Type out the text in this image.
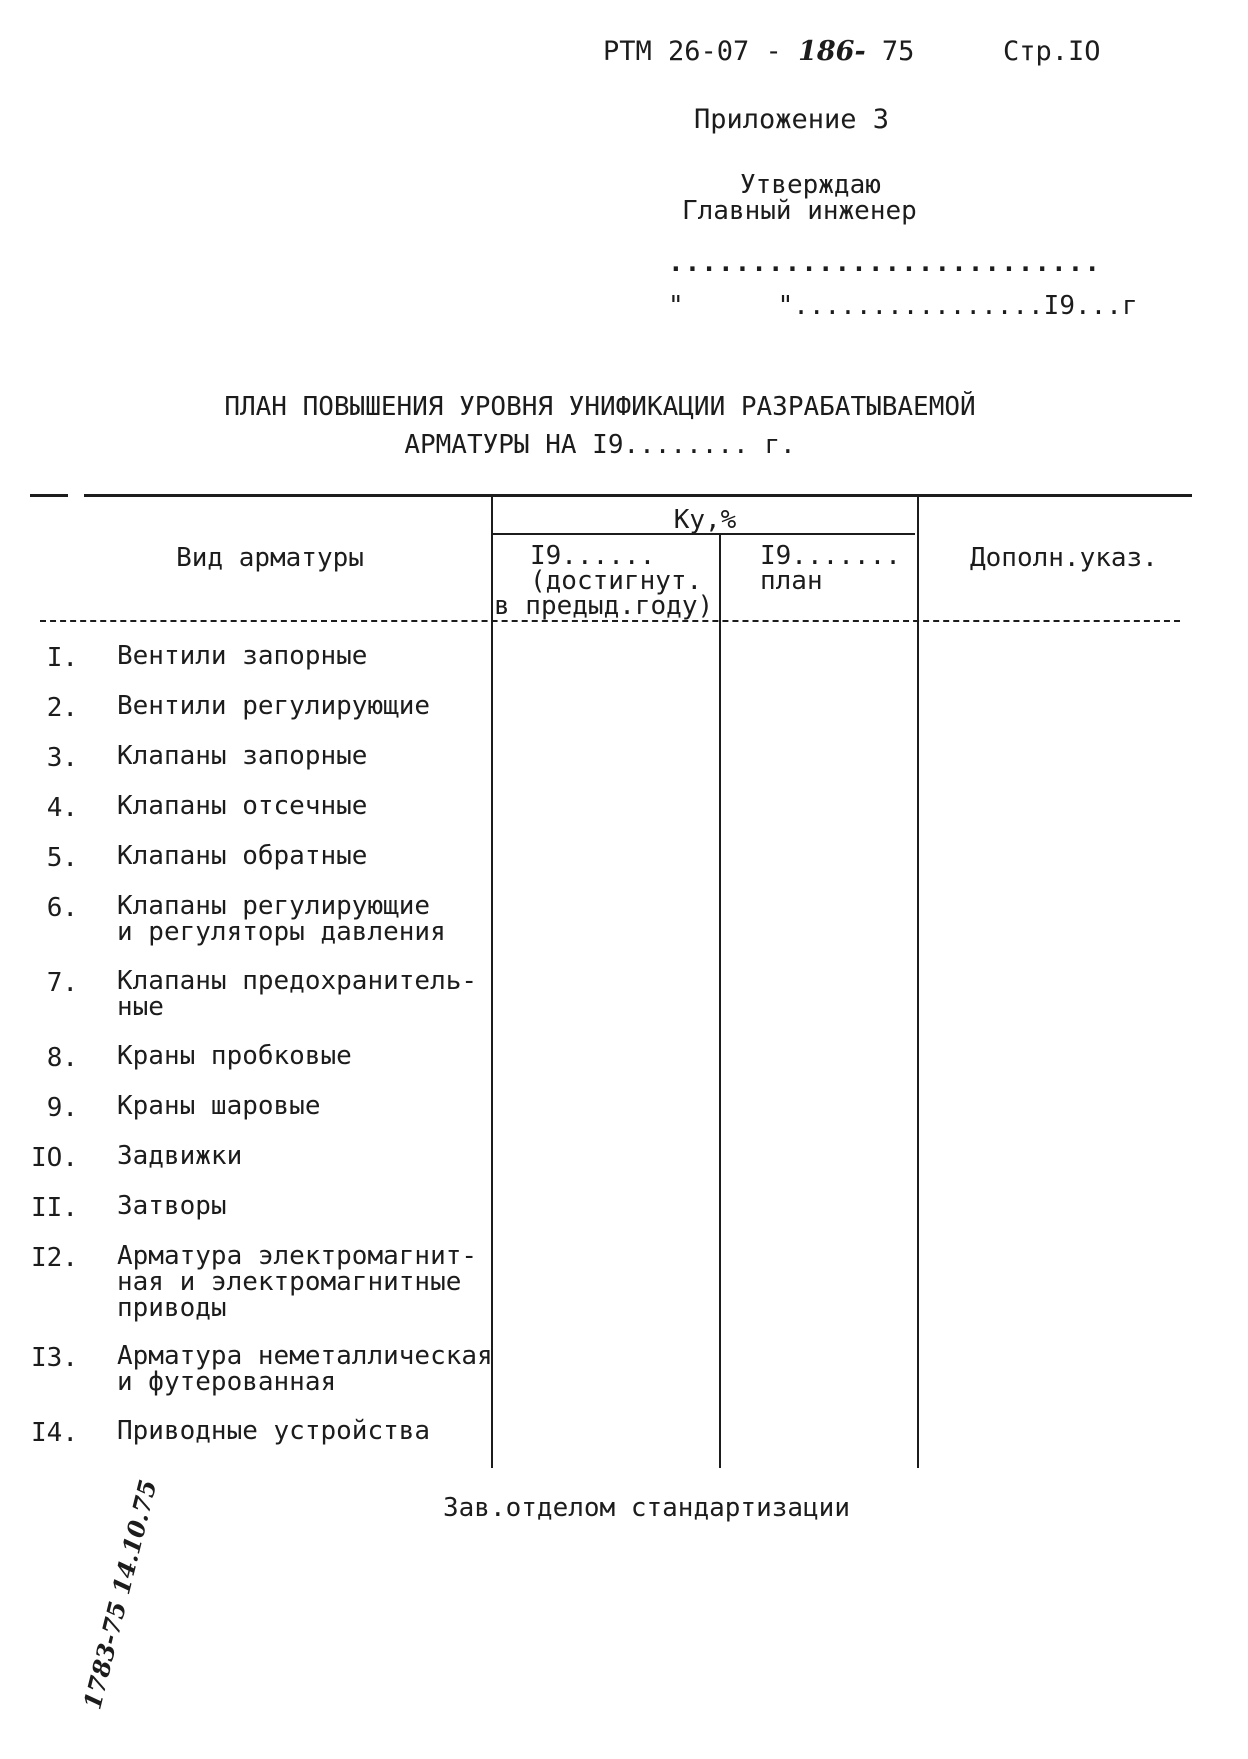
РТМ 26-07 - 186- 75	Стр.IO
Приложение 3
Утверждаю
Главный инженер
..........................
"      "................I9...г
ПЛАН ПОВЫШЕНИЯ УРОВНЯ УНИФИКАЦИИ РАЗРАБАТЫВАЕМОЙ
АРМАТУРЫ НА I9........ г.
Вид арматуры
Ку,%
I9......
(достигнут.
в предыд.году)
I9.......
план
Дополн.указ.
I. Вентили запорные
2. Вентили регулирующие
3. Клапаны запорные
4. Клапаны отсечные
5. Клапаны обратные
6. Клапаны регулирующие
и регуляторы давления
7. Клапаны предохранитель-
ные
8. Краны пробковые
9. Краны шаровые
IO. Задвижки
II. Затворы
I2. Арматура электромагнит-
ная и электромагнитные
приводы
I3. Арматура неметаллическая
и футерованная
I4. Приводные устройства
Зав.отделом стандартизации
1783-75 14.10.75
